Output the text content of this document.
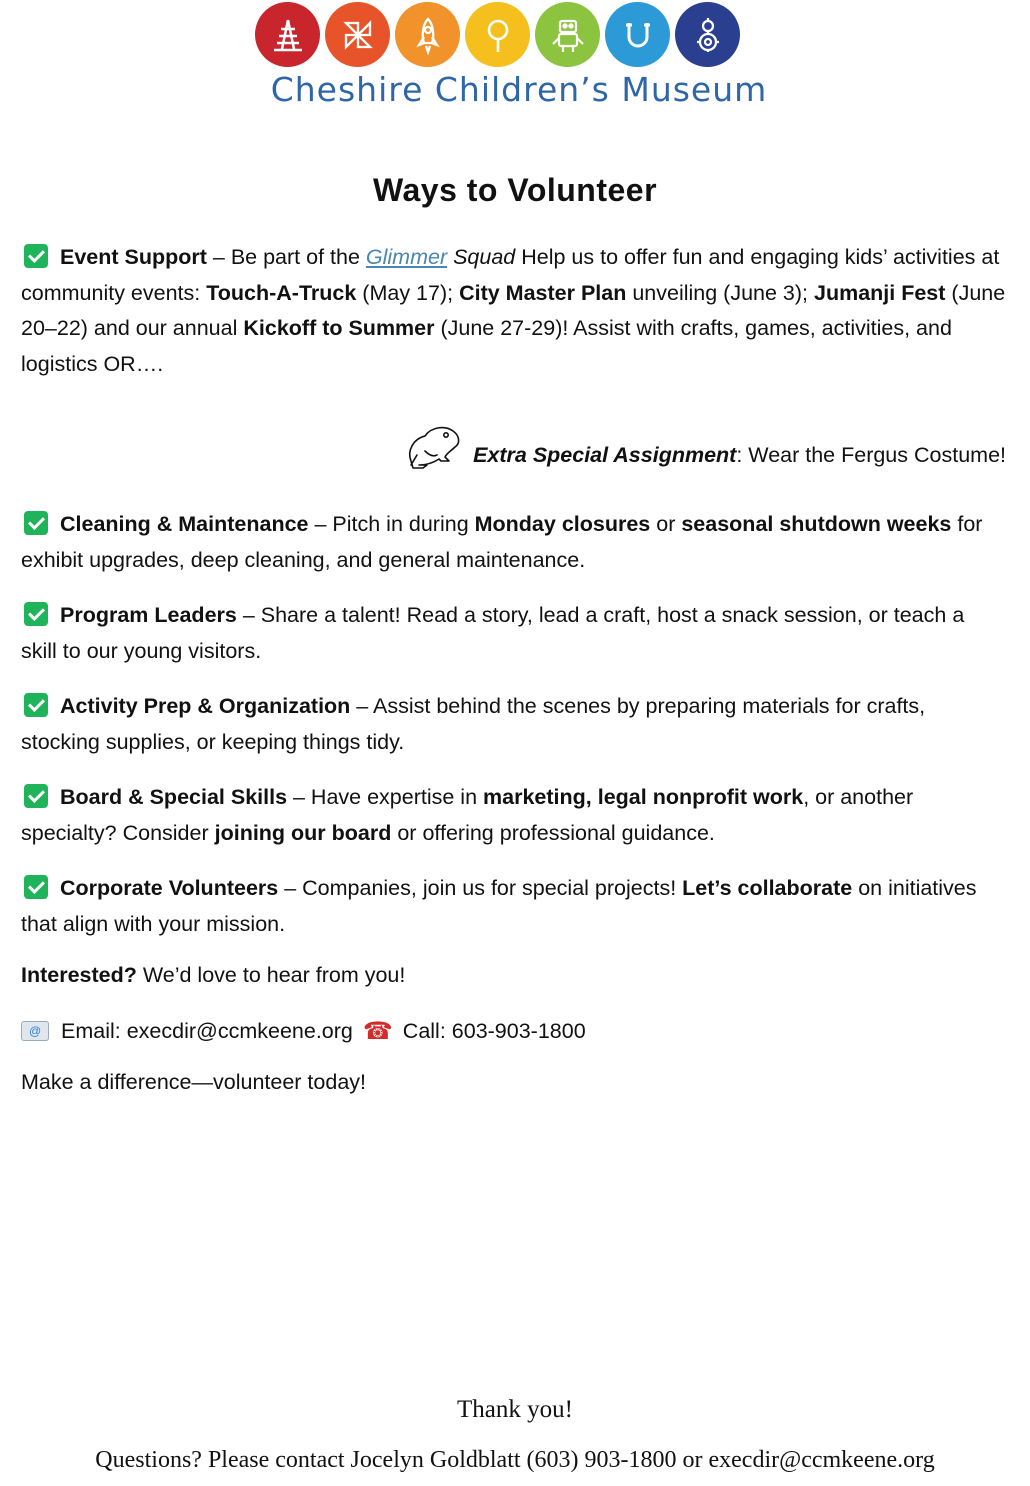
Cheshire Children’s Museum
Ways to Volunteer

Event Support – Be part of the Glimmer Squad Help us to offer fun and engaging kids’ activities at community events: Touch-A-Truck (May 17); City Master Plan unveiling (June 3); Jumanji Fest (June 20–22) and our annual Kickoff to Summer (June 27-29)! Assist with crafts, games, activities, and logistics OR….

Extra Special Assignment: Wear the Fergus Costume!

Cleaning & Maintenance – Pitch in during Monday closures or seasonal shutdown weeks for exhibit upgrades, deep cleaning, and general maintenance.

Program Leaders – Share a talent! Read a story, lead a craft, host a snack session, or teach a skill to our young visitors.

Activity Prep & Organization – Assist behind the scenes by preparing materials for crafts, stocking supplies, or keeping things tidy.

Board & Special Skills – Have expertise in marketing, legal nonprofit work, or another specialty? Consider joining our board or offering professional guidance.

Corporate Volunteers – Companies, join us for special projects! Let’s collaborate on initiatives that align with your mission.

Interested? We’d love to hear from you!

@
Email: execdir@ccmkeene.org ☎ Call: 603-903-1800

Make a difference—volunteer today!

Thank you!
Questions? Please contact Jocelyn Goldblatt (603) 903-1800 or execdir@ccmkeene.org
